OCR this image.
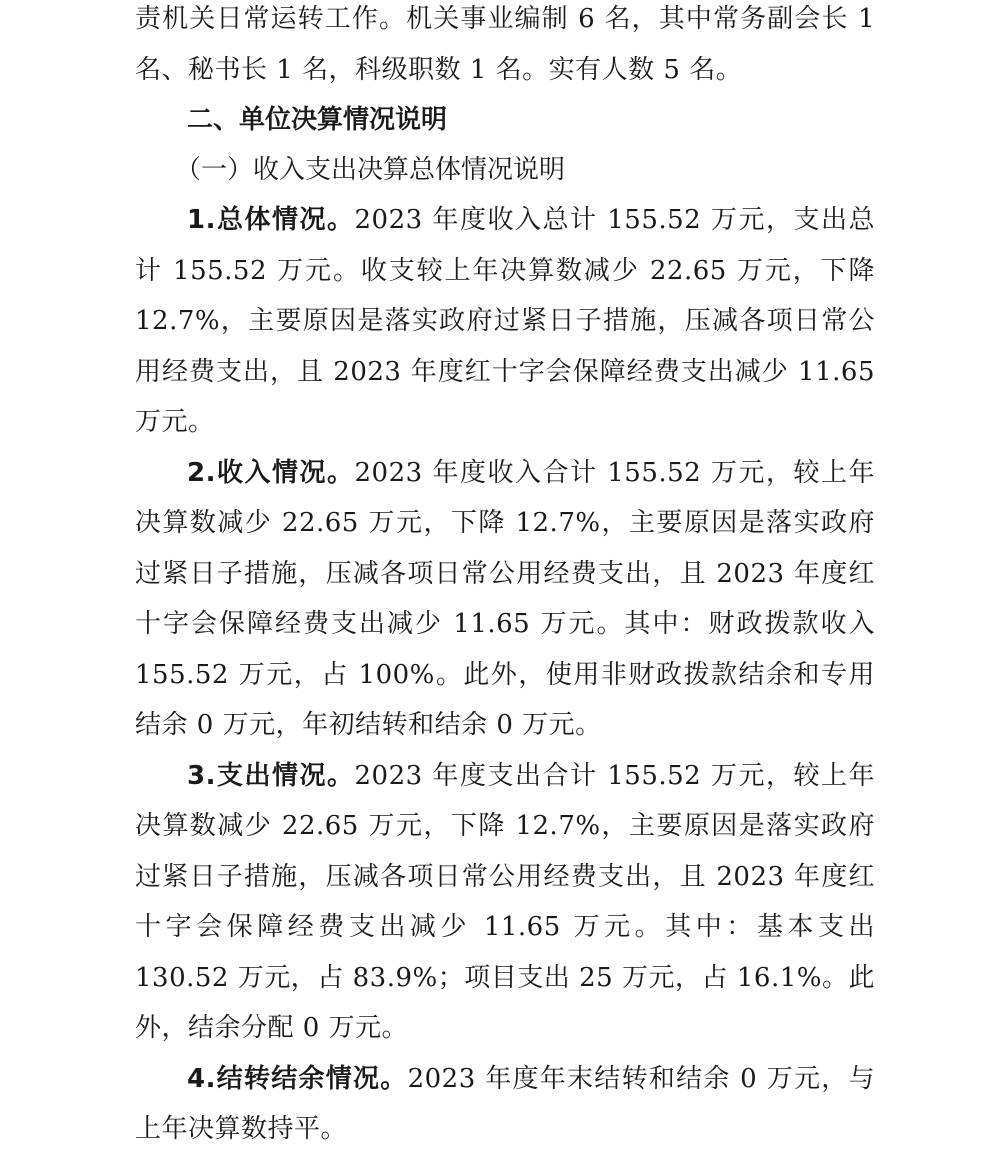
责机关日常运转工作。机关事业编制 6 名，其中常务副会长 1

名、秘书长 1 名，科级职数 1 名。实有人数 5 名。

二、单位决算情况说明

（一）收入支出决算总体情况说明

1.总体情况。2023 年度收入总计 155.52 万元，支出总计 155.52 万元。收支较上年决算数减少 22.65 万元，下降 12.7%，主要原因是落实政府过紧日子措施，压减各项日常公用经费支出，且 2023 年度红十字会保障经费支出减少 11.65 万元。

2.收入情况。2023 年度收入合计 155.52 万元，较上年决算数减少 22.65 万元，下降 12.7%，主要原因是落实政府过紧日子措施，压减各项日常公用经费支出，且 2023 年度红十字会保障经费支出减少 11.65 万元。其中：财政拨款收入 155.52 万元，占 100%。此外，使用非财政拨款结余和专用结余 0 万元，年初结转和结余 0 万元。

3.支出情况。2023 年度支出合计 155.52 万元，较上年决算数减少 22.65 万元，下降 12.7%，主要原因是落实政府过紧日子措施，压减各项日常公用经费支出，且 2023 年度红十字会保障经费支出减少 11.65 万元。其中：基本支出 130.52 万元，占 83.9%；项目支出 25 万元，占 16.1%。此外，结余分配 0 万元。

4.结转结余情况。2023 年度年末结转和结余 0 万元，与上年决算数持平。
